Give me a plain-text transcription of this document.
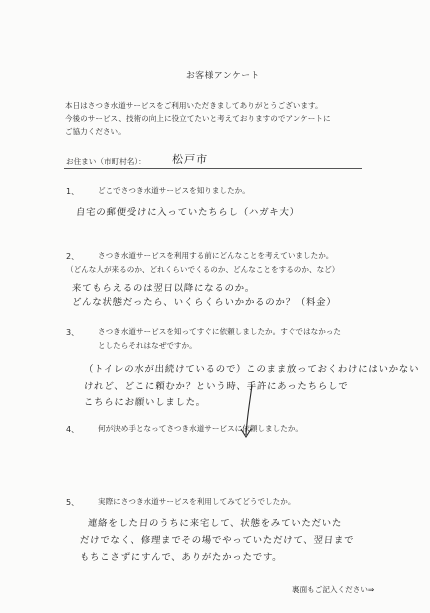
お客様アンケート
本日はさつき水道サービスをご利用いただきましてありがとうございます。
今後のサービス、技術の向上に役立てたいと考えておりますのでアンケートに
ご協力ください。
お住まい（市町村名）： 松戸市
1、 どこでさつき水道サービスを知りましたか。
自宅の郵便受けに入っていたちらし（ハガキ大）
2、 さつき水道サービスを利用する前にどんなことを考えていましたか。
（どんな人が来るのか、どれくらいでくるのか、どんなことをするのか、など）
来てもらえるのは翌日以降になるのか。
どんな状態だったら、いくらくらいかかるのか？（料金）
3、 さつき水道サービスを知ってすぐに依頼しましたか。すぐではなかった
としたらそれはなぜですか。
（トイレの水が出続けているので）このまま放っておくわけにはいかない
けれど、どこに頼むか？という時、手許にあったちらしで
こちらにお願いしました。
4、 何が決め手となってさつき水道サービスに依頼しましたか。
5、 実際にさつき水道サービスを利用してみてどうでしたか。
連絡をした日のうちに来宅して、状態をみていただいた
だけでなく、修理までその場でやっていただけて、翌日まで
もちこさずにすんで、ありがたかったです。
裏面もご記入ください⇒
